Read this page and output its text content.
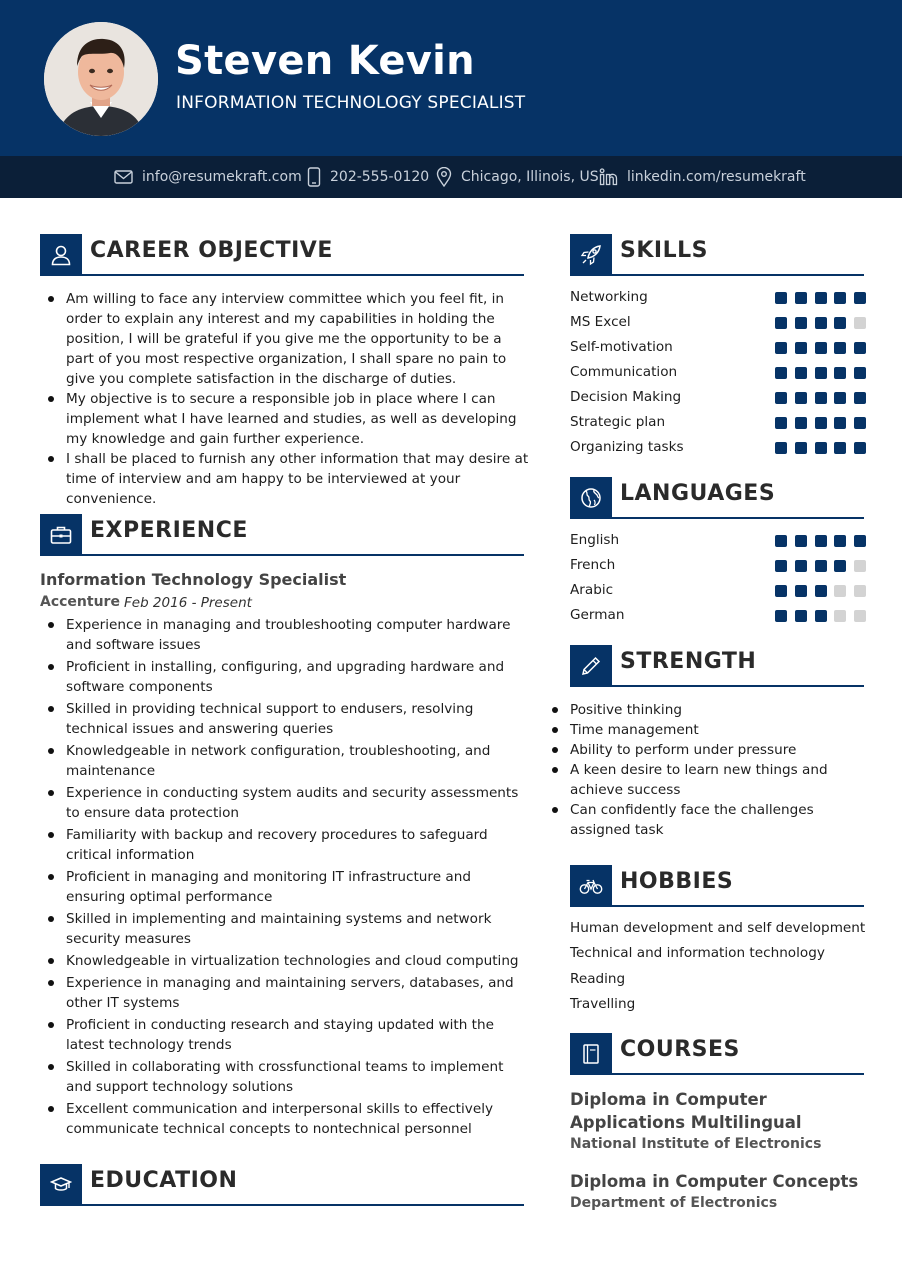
Steven Kevin
INFORMATION TECHNOLOGY SPECIALIST
info@resumekraft.com 202-555-0120 Chicago, Illinois, US linkedin.com/resumekraft
CAREER OBJECTIVE
Am willing to face any interview committee which you feel fit, in order to explain any interest and my capabilities in holding the position, I will be grateful if you give me the opportunity to be a part of you most respective organization, I shall spare no pain to give you complete satisfaction in the discharge of duties.
My objective is to secure a responsible job in place where I can implement what I have learned and studies, as well as developing my knowledge and gain further experience.
I shall be placed to furnish any other information that may desire at time of interview and am happy to be interviewed at your convenience.
EXPERIENCE
Information Technology Specialist
Accenture Feb 2016 - Present
Experience in managing and troubleshooting computer hardware and software issues
Proficient in installing, configuring, and upgrading hardware and software components
Skilled in providing technical support to endusers, resolving technical issues and answering queries
Knowledgeable in network configuration, troubleshooting, and maintenance
Experience in conducting system audits and security assessments to ensure data protection
Familiarity with backup and recovery procedures to safeguard critical information
Proficient in managing and monitoring IT infrastructure and ensuring optimal performance
Skilled in implementing and maintaining systems and network security measures
Knowledgeable in virtualization technologies and cloud computing
Experience in managing and maintaining servers, databases, and other IT systems
Proficient in conducting research and staying updated with the latest technology trends
Skilled in collaborating with crossfunctional teams to implement and support technology solutions
Excellent communication and interpersonal skills to effectively communicate technical concepts to nontechnical personnel
EDUCATION
SKILLS
Networking
MS Excel
Self-motivation
Communication
Decision Making
Strategic plan
Organizing tasks
LANGUAGES
English
French
Arabic
German
STRENGTH
Positive thinking
Time management
Ability to perform under pressure
A keen desire to learn new things and achieve success
Can confidently face the challenges assigned task
HOBBIES
Human development and self development
Technical and information technology
Reading
Travelling
COURSES
Diploma in Computer Applications Multilingual
National Institute of Electronics
Diploma in Computer Concepts
Department of Electronics
